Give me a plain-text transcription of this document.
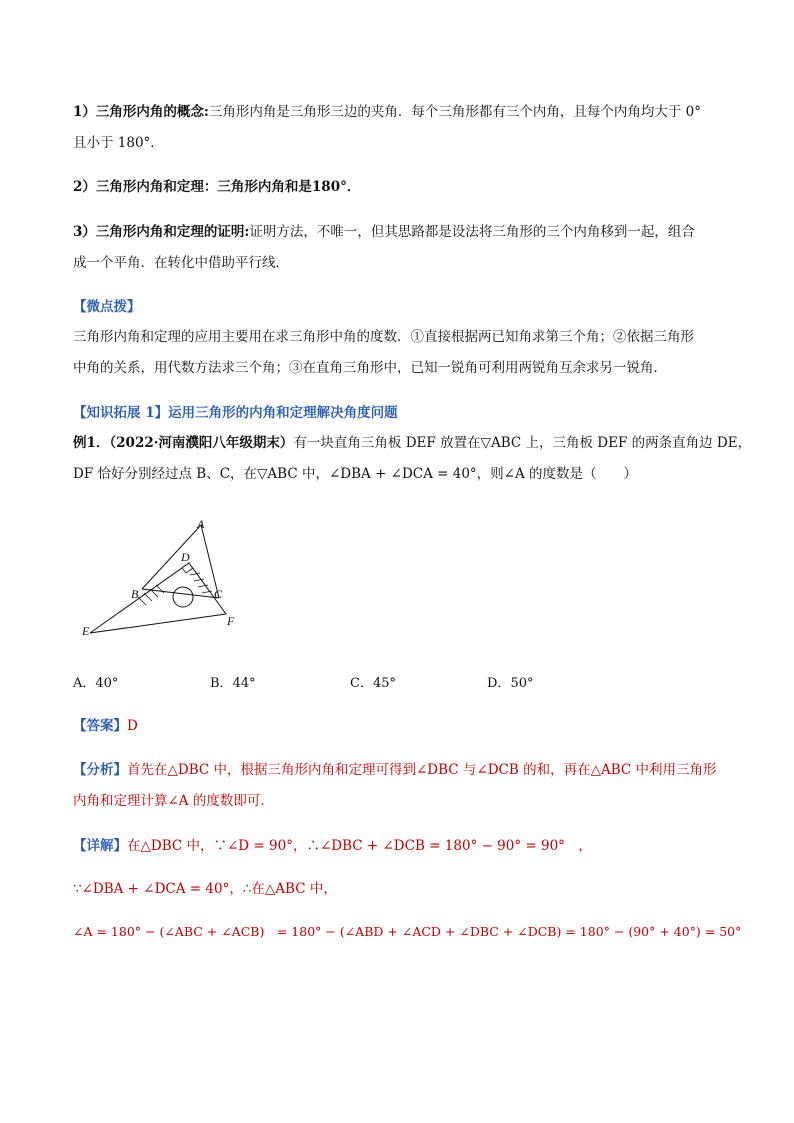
1）三角形内角的概念:三角形内角是三角形三边的夹角．每个三角形都有三个内角，且每个内角均大于 0°
且小于 180°．
2）三角形内角和定理：三角形内角和是180°．
3）三角形内角和定理的证明:证明方法，不唯一，但其思路都是设法将三角形的三个内角移到一起，组合
成一个平角．在转化中借助平行线．
【微点拨】
三角形内角和定理的应用主要用在求三角形中角的度数．①直接根据两已知角求第三个角；②依据三角形
中角的关系，用代数方法求三个角；③在直角三角形中，已知一锐角可利用两锐角互余求另一锐角．
【知识拓展 1】运用三角形的内角和定理解决角度问题
例1．（2022·河南濮阳八年级期末）有一块直角三角板 DEF 放置在▽ABC 上，三角板 DEF 的两条直角边 DE，
DF 恰好分别经过点 B、C，在▽ABC 中，∠DBA + ∠DCA = 40°，则∠A 的度数是（　　）
A
D
B	C
E
F
A．40°	B．44°	C．45°	D．50°
【答案】D
【分析】首先在△DBC 中，根据三角形内角和定理可得到∠DBC 与∠DCB 的和，再在△ABC 中利用三角形
内角和定理计算∠A 的度数即可．
【详解】在△DBC 中，∵∠D = 90°，∴∠DBC + ∠DCB = 180° − 90° = 90°　，
∵∠DBA + ∠DCA = 40°，∴在△ABC 中，
∠A = 180° − (∠ABC + ∠ACB)　= 180° − (∠ABD + ∠ACD + ∠DBC + ∠DCB) = 180° − (90° + 40°) = 50°
